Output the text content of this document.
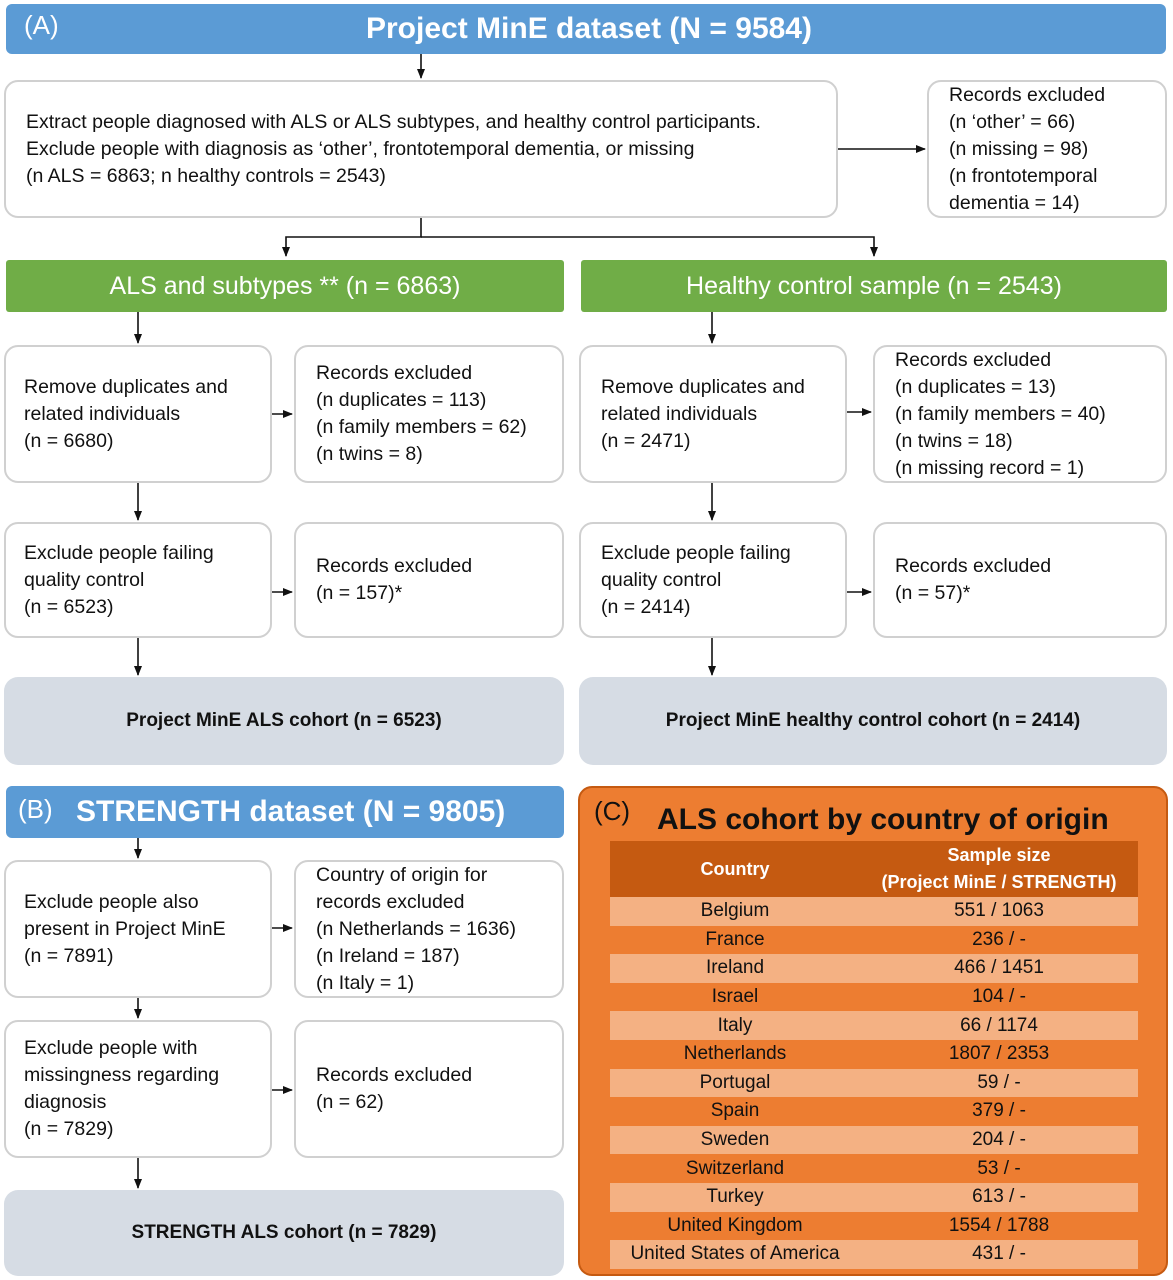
(A)	Project MinE dataset (N = 9584)
Extract people diagnosed with ALS or ALS subtypes, and healthy control participants.
Exclude people with diagnosis as ‘other’, frontotemporal dementia, or missing
(n ALS = 6863; n healthy controls = 2543)
Records excluded
(n ‘other’ = 66)
(n missing = 98)
(n frontotemporal
dementia = 14)
ALS and subtypes ** (n = 6863)
Remove duplicates and
related individuals
(n = 6680)
Records excluded
(n duplicates = 113)
(n family members = 62)
(n twins = 8)
Exclude people failing
quality control
(n = 6523)
Records excluded
(n = 157)*
Project MinE ALS cohort (n = 6523)
Healthy control sample (n = 2543)
Remove duplicates and
related individuals
(n = 2471)
Records excluded
(n duplicates = 13)
(n family members = 40)
(n twins = 18)
(n missing record = 1)
Exclude people failing
quality control
(n = 2414)
Records excluded
(n = 57)*
Project MinE healthy control cohort (n = 2414)
(B) STRENGTH dataset (N = 9805)
Exclude people also
present in Project MinE
(n = 7891)
Country of origin for
records excluded
(n Netherlands = 1636)
(n Ireland = 187)
(n Italy = 1)
Exclude people with
missingness regarding
diagnosis
(n = 7829)
Records excluded
(n = 62)
STRENGTH ALS cohort (n = 7829)
(C) ALS cohort by country of origin
Country
Sample size
(Project MinE / STRENGTH)
Belgium	551 / 1063
France	236 / -
Ireland	466 / 1451
Israel	104 / -
Italy	66 / 1174
Netherlands	1807 / 2353
Portugal	59 / -
Spain	379 / -
Sweden	204 / -
Switzerland	53 / -
Turkey	613 / -
United Kingdom	1554 / 1788
United States of America	431 / -
